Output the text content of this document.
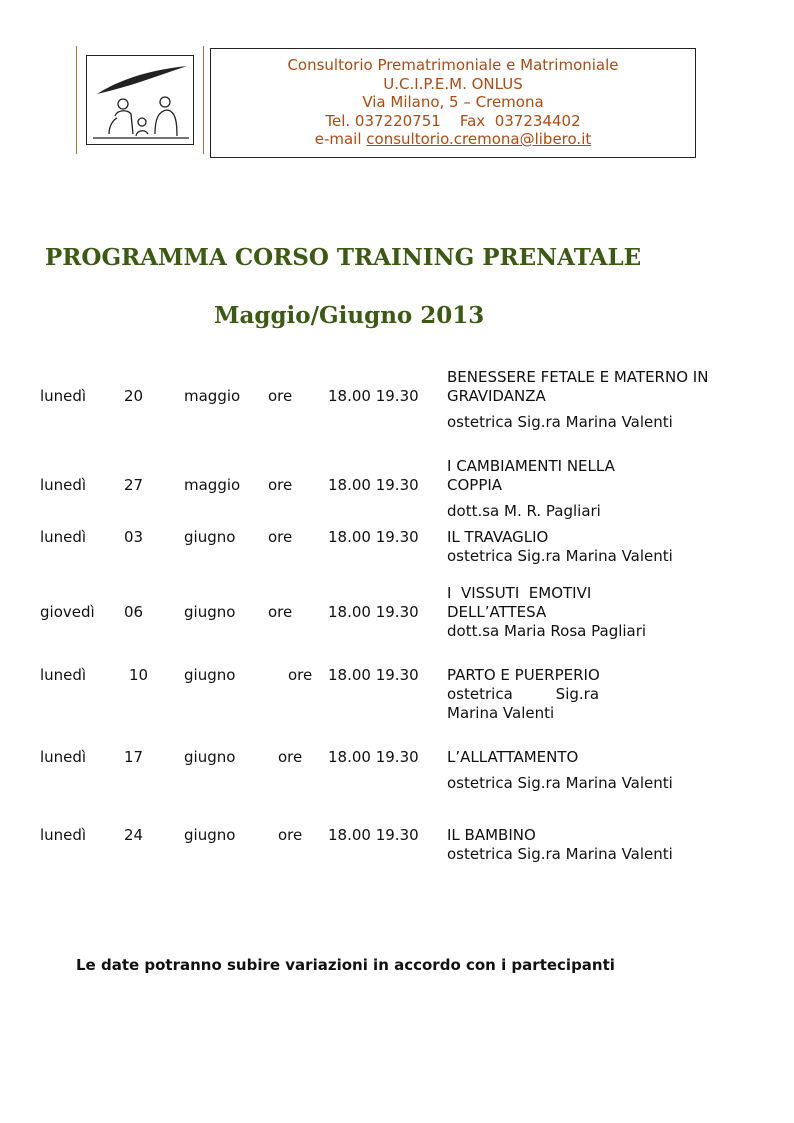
Consultorio Prematrimoniale e Matrimoniale
U.C.I.P.E.M. ONLUS
Via Milano, 5 – Cremona
Tel. 037220751    Fax  037234402
e-mail consultorio.cremona@libero.it
PROGRAMMA CORSO TRAINING PRENATALE
Maggio/Giugno 2013
lunedì	20	maggio ore 18.00 19.30
BENESSERE FETALE E MATERNO IN GRAVIDANZA
ostetrica Sig.ra Marina Valenti
lunedì	27	maggio ore 18.00 19.30
I CAMBIAMENTI NELLA COPPIA
dott.sa M. R. Pagliari
lunedì	03	giugno ore 18.00 19.30 IL TRAVAGLIO
ostetrica Sig.ra Marina Valenti
giovedì 06	giugno ore 18.00 19.30
I  VISSUTI  EMOTIVI DELL’ATTESA
dott.sa Maria Rosa Pagliari
lunedì	10 giugno	ore 18.00 19.30 PARTO E PUERPERIO
ostetrica         Sig.ra
Marina Valenti
lunedì	17	giugno	ore 18.00 19.30 L’ALLATTAMENTO
ostetrica Sig.ra Marina Valenti
lunedì	24	giugno	ore 18.00 19.30 IL BAMBINO
ostetrica Sig.ra Marina Valenti
Le date potranno subire variazioni in accordo con i partecipanti
